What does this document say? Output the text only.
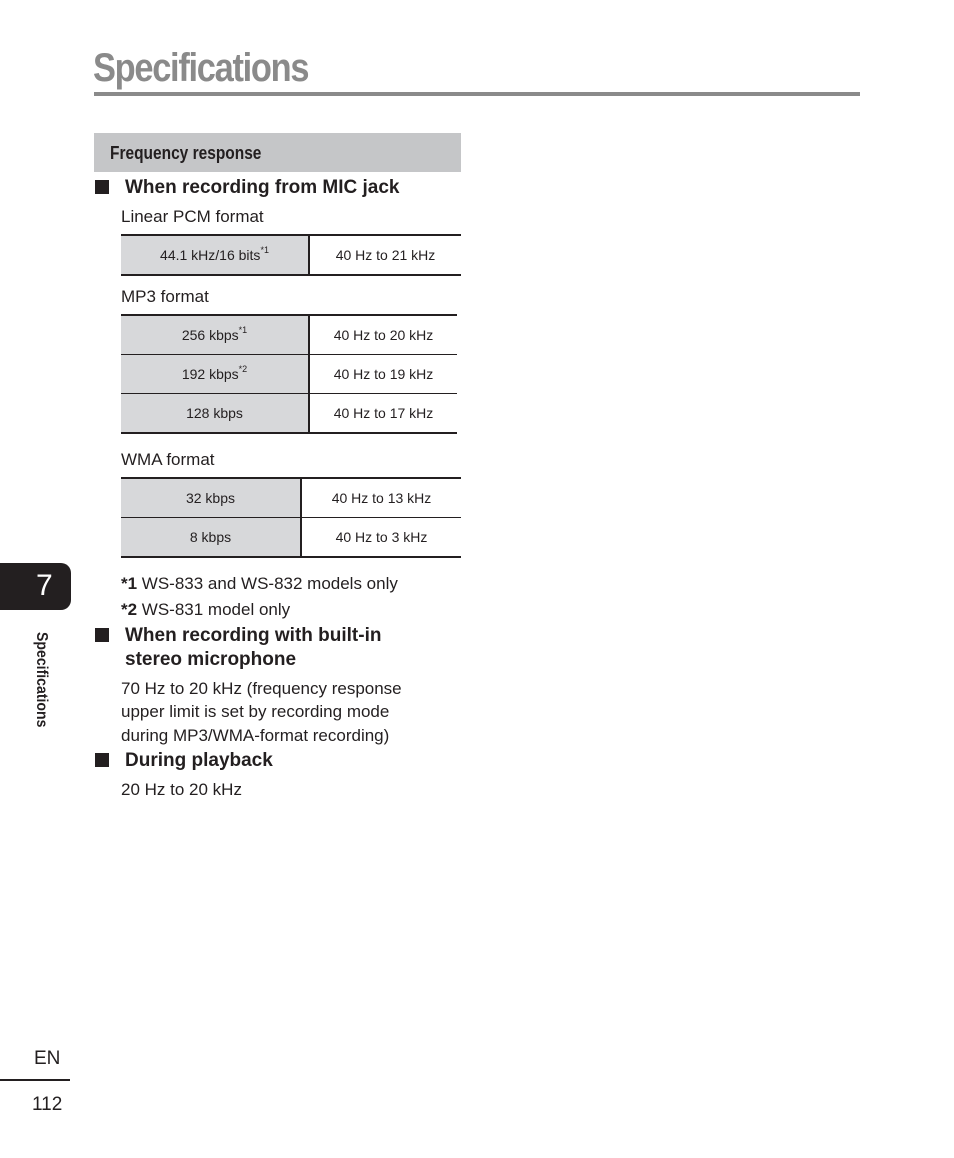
Specifications
Frequency response
When recording from MIC jack
Linear PCM format
44.1 kHz/16 bits$^{*1}$	40 Hz to 21 kHz
MP3 format
256 kbps$^{*1}$	40 Hz to 20 kHz
192 kbps$^{*2}$	40 Hz to 19 kHz
128 kbps	40 Hz to 17 kHz
WMA format
32 kbps	40 Hz to 13 kHz
8 kbps	40 Hz to 3 kHz
*1 WS-833 and WS-832 models only
*2 WS-831 model only
When recording with built-in
stereo microphone
70 Hz to 20 kHz (frequency response
upper limit is set by recording mode
during MP3/WMA-format recording)
During playback
20 Hz to 20 kHz
7
Specifications
EN
112
